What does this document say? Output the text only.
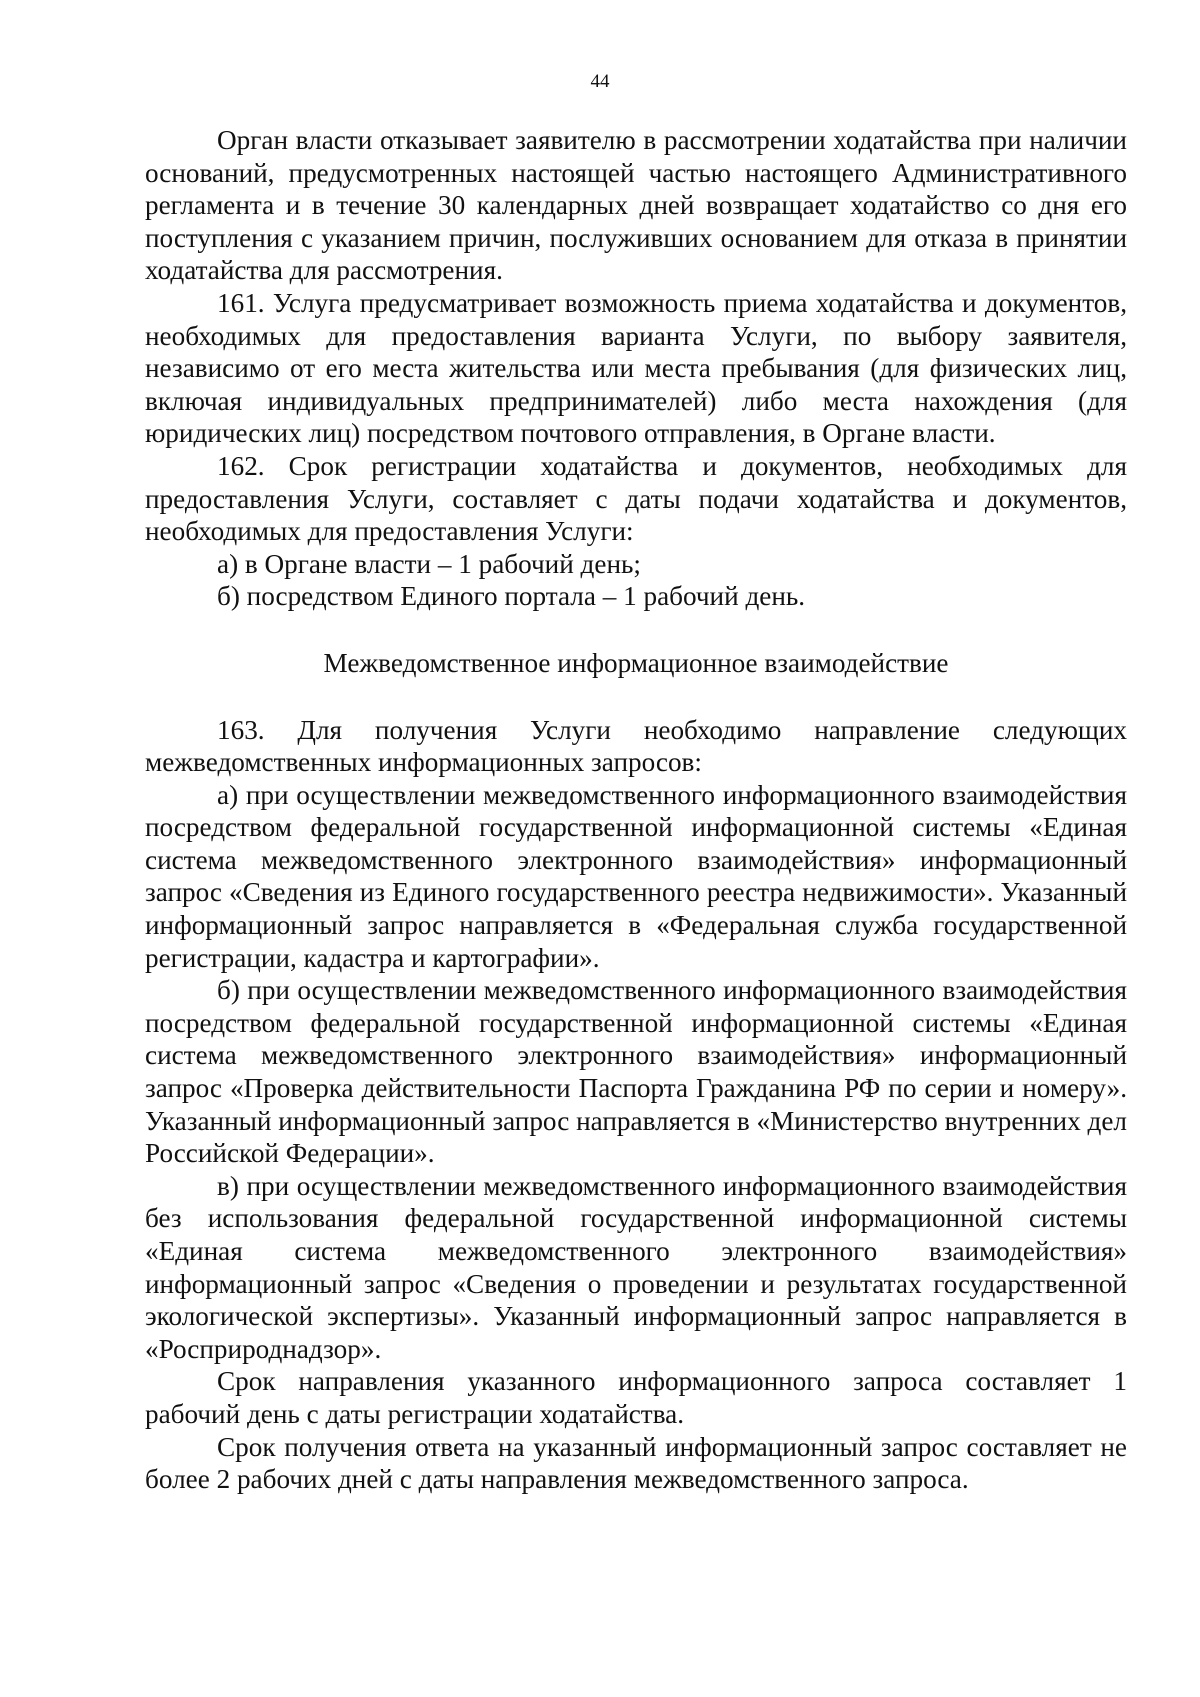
44

Орган власти отказывает заявителю в рассмотрении ходатайства при наличии оснований, предусмотренных настоящей частью настоящего Административного регламента и в течение 30 календарных дней возвращает ходатайство со дня его поступления с указанием причин, послуживших основанием для отказа в принятии ходатайства для рассмотрения.

161. Услуга предусматривает возможность приема ходатайства и документов, необходимых для предоставления варианта Услуги, по выбору заявителя, независимо от его места жительства или места пребывания (для физических лиц, включая индивидуальных предпринимателей) либо места нахождения (для юридических лиц) посредством почтового отправления, в Органе власти.

162. Срок регистрации ходатайства и документов, необходимых для предоставления Услуги, составляет с даты подачи ходатайства и документов, необходимых для предоставления Услуги:

а) в Органе власти – 1 рабочий день;

б) посредством Единого портала – 1 рабочий день.

Межведомственное информационное взаимодействие

163. Для получения Услуги необходимо направление следующих межведомственных информационных запросов:

а) при осуществлении межведомственного информационного взаимодействия посредством федеральной государственной информационной системы «Единая система межведомственного электронного взаимодействия» информационный запрос «Сведения из Единого государственного реестра недвижимости». Указанный информационный запрос направляется в «Федеральная служба государственной регистрации, кадастра и картографии».

б) при осуществлении межведомственного информационного взаимодействия посредством федеральной государственной информационной системы «Единая система межведомственного электронного взаимодействия» информационный запрос «Проверка действительности Паспорта Гражданина РФ по серии и номеру». Указанный информационный запрос направляется в «Министерство внутренних дел Российской Федерации».

в) при осуществлении межведомственного информационного взаимодействия без использования федеральной государственной информационной системы «Единая система межведомственного электронного взаимодействия» информационный запрос «Сведения о проведении и результатах государственной экологической экспертизы». Указанный информационный запрос направляется в «Росприроднадзор».

Срок направления указанного информационного запроса составляет 1 рабочий день с даты регистрации ходатайства.

Срок получения ответа на указанный информационный запрос составляет не более 2 рабочих дней с даты направления межведомственного запроса.
